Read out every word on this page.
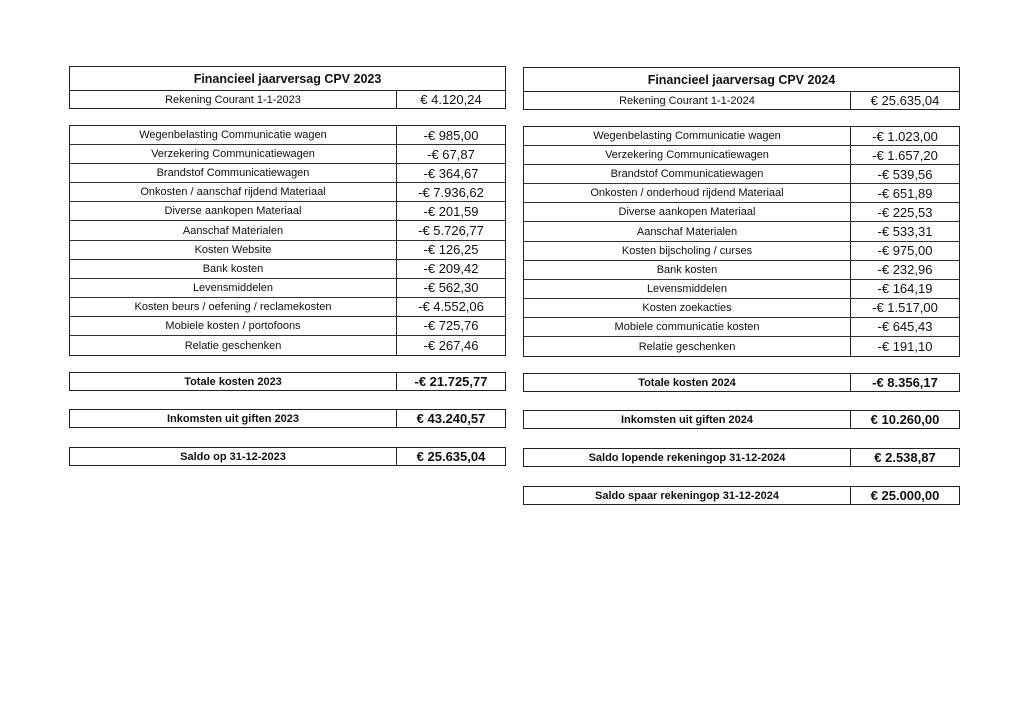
Financieel jaarversag CPV 2023
Rekening Courant 1-1-2023	€ 4.120,24
Wegenbelasting Communicatie wagen	-€ 985,00
Verzekering Communicatiewagen	-€ 67,87
Brandstof Communicatiewagen	-€ 364,67
Onkosten / aanschaf rijdend Materiaal	-€ 7.936,62
Diverse aankopen Materiaal	-€ 201,59
Aanschaf Materialen	-€ 5.726,77
Kosten Website	-€ 126,25
Bank kosten	-€ 209,42
Levensmiddelen	-€ 562,30
Kosten beurs / oefening / reclamekosten	-€ 4.552,06
Mobiele kosten / portofoons	-€ 725,76
Relatie geschenken	-€ 267,46
Totale kosten 2023	-€ 21.725,77
Inkomsten uit giften 2023	€ 43.240,57
Saldo op 31-12-2023	€ 25.635,04
Financieel jaarversag CPV 2024
Rekening Courant 1-1-2024	€ 25.635,04
Wegenbelasting Communicatie wagen	-€ 1.023,00
Verzekering Communicatiewagen	-€ 1.657,20
Brandstof Communicatiewagen	-€ 539,56
Onkosten / onderhoud rijdend Materiaal	-€ 651,89
Diverse aankopen Materiaal	-€ 225,53
Aanschaf Materialen	-€ 533,31
Kosten bijscholing / curses	-€ 975,00
Bank kosten	-€ 232,96
Levensmiddelen	-€ 164,19
Kosten zoekacties	-€ 1.517,00
Mobiele communicatie kosten	-€ 645,43
Relatie geschenken	-€ 191,10
Totale kosten 2024	-€ 8.356,17
Inkomsten uit giften 2024	€ 10.260,00
Saldo lopende rekeningop 31-12-2024	€ 2.538,87
Saldo spaar rekeningop 31-12-2024	€ 25.000,00
